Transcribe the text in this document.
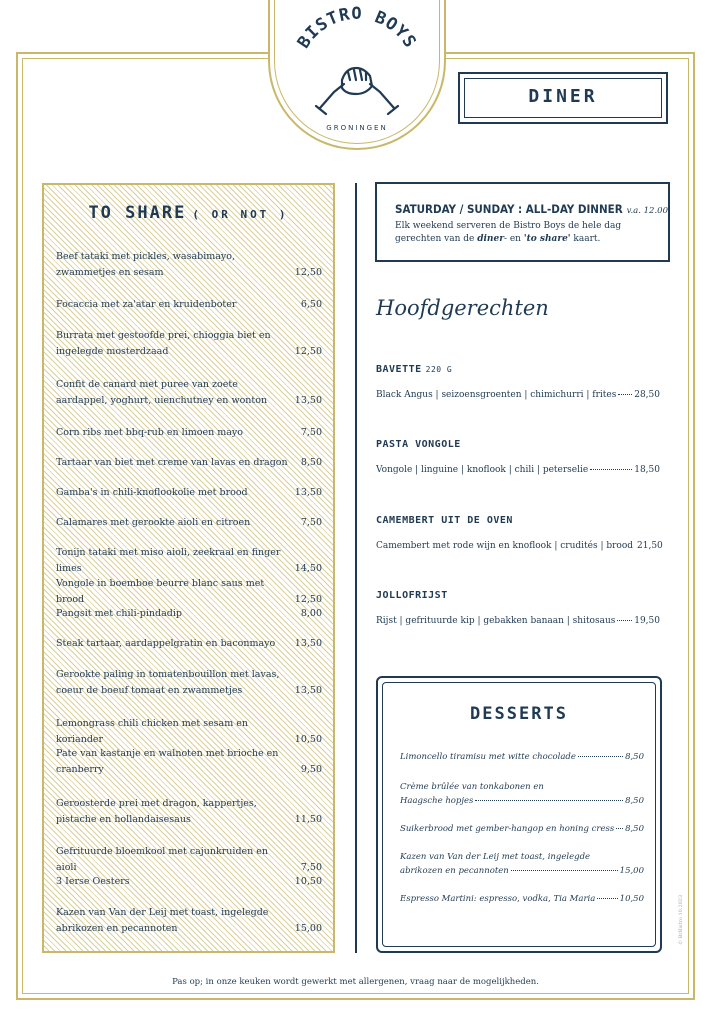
BISTRO BOYS
GRONINGEN
DINER
TO SHARE ( OR NOT )
Beef tataki met pickles, wasabimayo, zwammetjes en sesam	12,50
Focaccia met za'atar en kruidenboter	6,50
Burrata met gestoofde prei, chioggia biet en ingelegde mosterdzaad	12,50
Confit de canard met puree van zoete aardappel, yoghurt, uienchutney en wonton	13,50
Corn ribs met bbq-rub en limoen mayo	7,50
Tartaar van biet met creme van lavas en dragon 8,50
Gamba's in chili-knoflookolie met brood	13,50
Calamares met gerookte aioli en citroen	7,50
Tonijn tataki met miso aioli, zeekraal en finger limes	14,50
Vongole in boemboe beurre blanc saus met brood	12,50
Pangsit met chili-pindadip	8,00
Steak tartaar, aardappelgratin en baconmayo	13,50
Gerookte paling in tomatenbouillon met lavas, coeur de boeuf tomaat en zwammetjes	13,50
Lemongrass chili chicken met sesam en koriander	10,50
Pate van kastanje en walnoten met brioche en cranberry	9,50
Geroosterde prei met dragon, kappertjes, pistache en hollandaisesaus	11,50
Gefrituurde bloemkool met cajunkruiden en aioli	7,50
3 Ierse Oesters	10,50
Kazen van Van der Leij met toast, ingelegde abrikozen en pecannoten	15,00
SATURDAY / SUNDAY : ALL-DAY DINNER v.a. 12.00
Elk weekend serveren de Bistro Boys de hele dag gerechten van de diner- en 'to share' kaart.
Hoofdgerechten
BAVETTE 220 G
Black Angus | seizoensgroenten | chimichurri | frites 28,50
PASTA VONGOLE
Vongole | linguine | knoflook | chili | peterselie	18,50
CAMEMBERT UIT DE OVEN
Camembert met rode wijn en knoflook | crudités | brood 21,50
JOLLOFRIJST
Rijst | gefrituurde kip | gebakken banaan | shitosaus 19,50
DESSERTS
Limoncello tiramisu met witte chocolade	8,50
Crème brûlée van tonkabonen en
Haagsche hopjes	8,50
Suikerbrood met gember-hangop en honing cress 8,50
Kazen van Van der Leij met toast, ingelegde
abrikozen en pecannoten	15,00
Espresso Martini: espresso, vodka, Tia Maria	10,50
Pas op; in onze keuken wordt gewerkt met allergenen, vraag naar de mogelijkheden.
© BrBistro 10.2023
